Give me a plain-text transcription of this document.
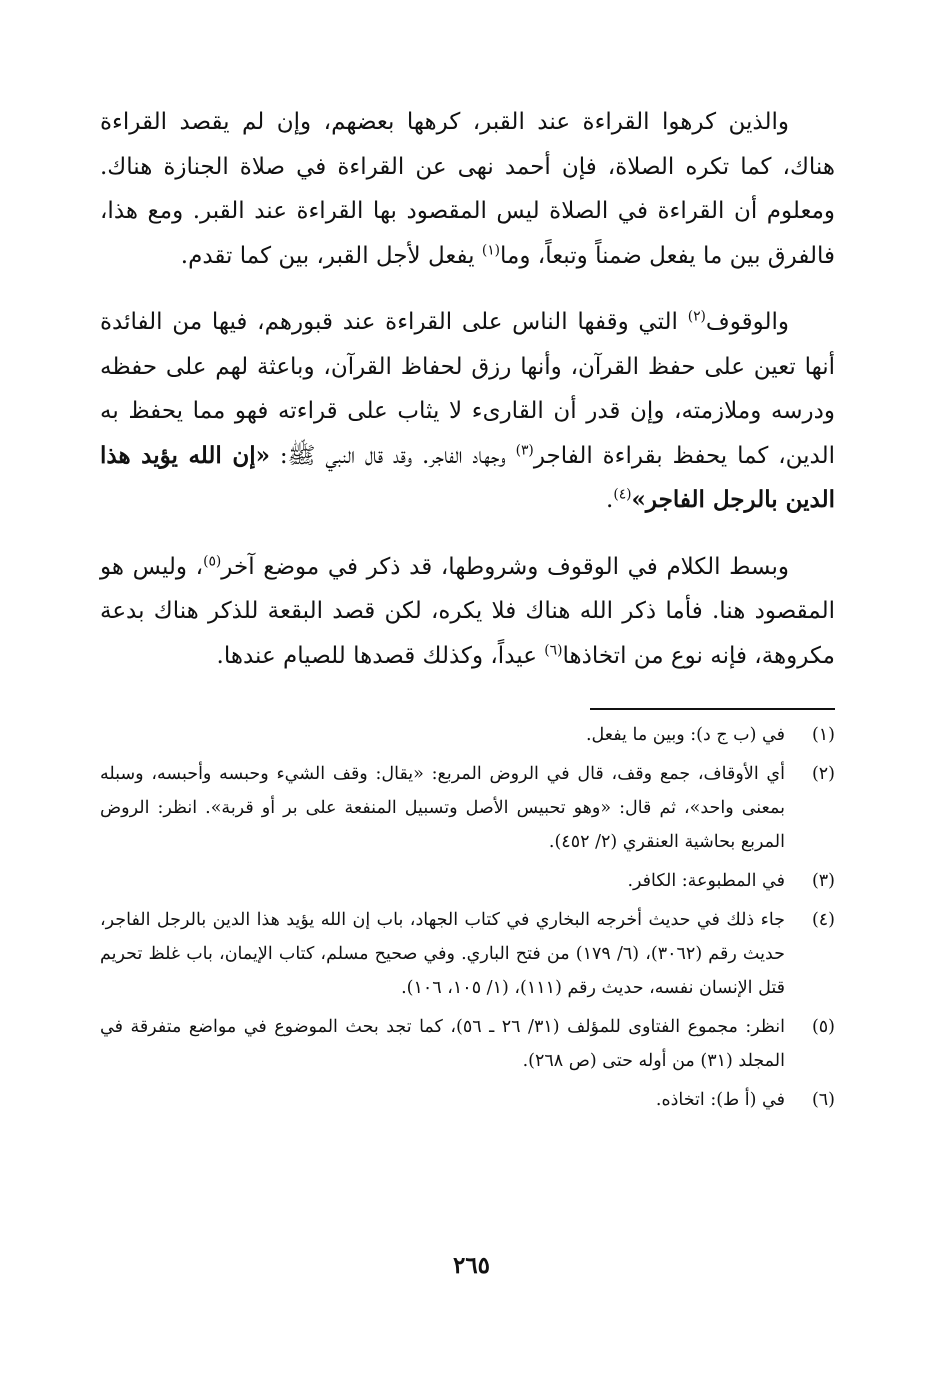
والذين كرهوا القراءة عند القبر، كرهها بعضهم، وإن لم يقصد القراءة هناك، كما تكره الصلاة، فإن أحمد نهى عن القراءة في صلاة الجنازة هناك. ومعلوم أن القراءة في الصلاة ليس المقصود بها القراءة عند القبر. ومع هذا، فالفرق بين ما يفعل ضمناً وتبعاً، وما$^{(١)}$ يفعل لأجل القبر، بين كما تقدم.

والوقوف$^{(٢)}$ التي وقفها الناس على القراءة عند قبورهم، فيها من الفائدة أنها تعين على حفظ القرآن، وأنها رزق لحفاظ القرآن، وباعثة لهم على حفظه ودرسه وملازمته، وإن قدر أن القارىء لا يثاب على قراءته فهو مما يحفظ به الدين، كما يحفظ بقراءة الفاجر$^{(٣)}$ وجهاد الفاجر. وقد قال النبي ﷺ: «إن الله يؤيد هذا الدين بالرجل الفاجر»$^{(٤)}$.

وبسط الكلام في الوقوف وشروطها، قد ذكر في موضع آخر$^{(٥)}$، وليس هو المقصود هنا. فأما ذكر الله هناك فلا يكره، لكن قصد البقعة للذكر هناك بدعة مكروهة، فإنه نوع من اتخاذها$^{(٦)}$ عيداً، وكذلك قصدها للصيام عندها.

(١)
في (ب ج د): وبين ما يفعل.
(٢)
أي الأوقاف، جمع وقف، قال في الروض المربع: «يقال: وقف الشيء وحبسه وأحبسه، وسبله بمعنى واحد»، ثم قال: «وهو تحبيس الأصل وتسبيل المنفعة على بر أو قربة». انظر: الروض المربع بحاشية العنقري (٢/ ٤٥٢).
(٣)
في المطبوعة: الكافر.
(٤)
جاء ذلك في حديث أخرجه البخاري في كتاب الجهاد، باب إن الله يؤيد هذا الدين بالرجل الفاجر، حديث رقم (٣٠٦٢)، (٦/ ١٧٩) من فتح الباري. وفي صحيح مسلم، كتاب الإيمان، باب غلظ تحريم قتل الإنسان نفسه، حديث رقم (١١١)، (١/ ١٠٥، ١٠٦).
(٥)
انظر: مجموع الفتاوى للمؤلف (٣١/ ٢٦ ـ ٥٦)، كما تجد بحث الموضوع في مواضع متفرقة في المجلد (٣١) من أوله حتى (ص ٢٦٨).
(٦)
في (أ ط): اتخاذه.
٢٦٥
